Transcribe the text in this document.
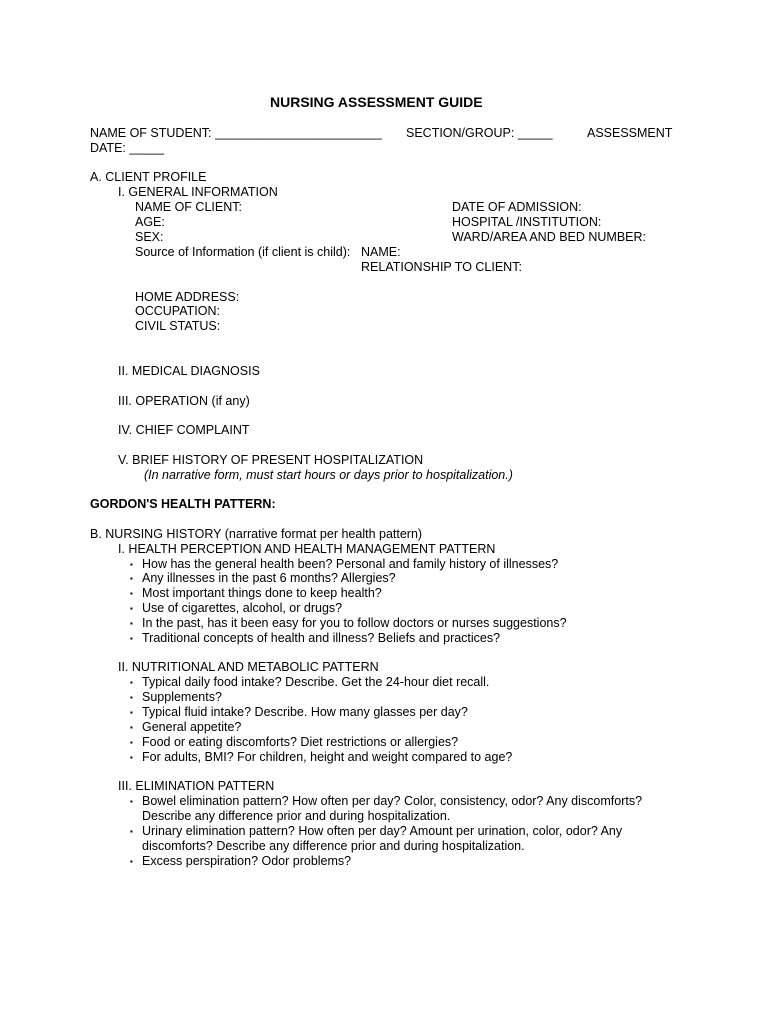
NURSING ASSESSMENT GUIDE
NAME OF STUDENT: ________________________ SECTION/GROUP: _____	ASSESSMENT
DATE: _____
A. CLIENT PROFILE
I. GENERAL INFORMATION
NAME OF CLIENT:
AGE:
SEX:
Source of Information (if client is child):
DATE OF ADMISSION:
HOSPITAL /INSTITUTION:
WARD/AREA AND BED NUMBER:
NAME:
RELATIONSHIP TO CLIENT:
HOME ADDRESS:
OCCUPATION:
CIVIL STATUS:
II. MEDICAL DIAGNOSIS
III. OPERATION (if any)
IV. CHIEF COMPLAINT
V. BRIEF HISTORY OF PRESENT HOSPITALIZATION
(In narrative form, must start hours or days prior to hospitalization.)
GORDON'S HEALTH PATTERN:
B. NURSING HISTORY (narrative format per health pattern)
I. HEALTH PERCEPTION AND HEALTH MANAGEMENT PATTERN
▪ How has the general health been? Personal and family history of illnesses?
▪ Any illnesses in the past 6 months? Allergies?
▪ Most important things done to keep health?
▪ Use of cigarettes, alcohol, or drugs?
▪ In the past, has it been easy for you to follow doctors or nurses suggestions?
▪ Traditional concepts of health and illness? Beliefs and practices?
II. NUTRITIONAL AND METABOLIC PATTERN
▪ Typical daily food intake? Describe. Get the 24-hour diet recall.
▪ Supplements?
▪ Typical fluid intake? Describe. How many glasses per day?
▪ General appetite?
▪ Food or eating discomforts? Diet restrictions or allergies?
▪ For adults, BMI? For children, height and weight compared to age?
III. ELIMINATION PATTERN
▪ Bowel elimination pattern? How often per day? Color, consistency, odor? Any discomforts?
Describe any difference prior and during hospitalization.
▪ Urinary elimination pattern? How often per day? Amount per urination, color, odor? Any
discomforts? Describe any difference prior and during hospitalization.
▪ Excess perspiration? Odor problems?
